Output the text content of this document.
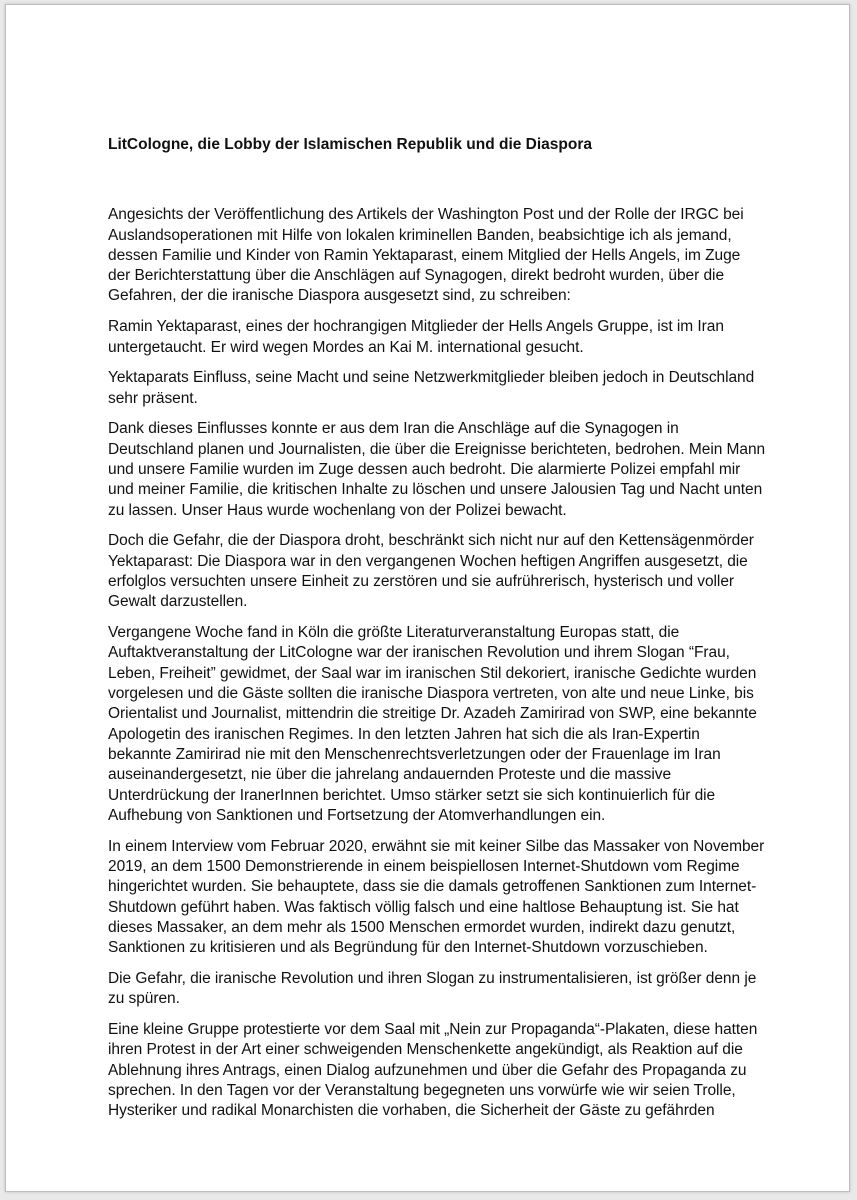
LitCologne, die Lobby der Islamischen Republik und die Diaspora

Angesichts der Veröffentlichung des Artikels der Washington Post und der Rolle der IRGC bei Auslandsoperationen mit Hilfe von lokalen kriminellen Banden, beabsichtige ich als jemand, dessen Familie und Kinder von Ramin Yektaparast, einem Mitglied der Hells Angels, im Zuge der Berichterstattung über die Anschlägen auf Synagogen, direkt bedroht wurden, über die Gefahren, der die iranische Diaspora ausgesetzt sind, zu schreiben:

Ramin Yektaparast, eines der hochrangigen Mitglieder der Hells Angels Gruppe, ist im Iran untergetaucht. Er wird wegen Mordes an Kai M. international gesucht.

Yektaparats Einfluss, seine Macht und seine Netzwerkmitglieder bleiben jedoch in Deutschland sehr präsent.

Dank dieses Einflusses konnte er aus dem Iran die Anschläge auf die Synagogen in Deutschland planen und Journalisten, die über die Ereignisse berichteten, bedrohen. Mein Mann und unsere Familie wurden im Zuge dessen auch bedroht. Die alarmierte Polizei empfahl mir und meiner Familie, die kritischen Inhalte zu löschen und unsere Jalousien Tag und Nacht unten zu lassen. Unser Haus wurde wochenlang von der Polizei bewacht.

Doch die Gefahr, die der Diaspora droht, beschränkt sich nicht nur auf den Kettensägenmörder Yektaparast: Die Diaspora war in den vergangenen Wochen heftigen Angriffen ausgesetzt, die erfolglos versuchten unsere Einheit zu zerstören und sie aufrührerisch, hysterisch und voller Gewalt darzustellen.

Vergangene Woche fand in Köln die größte Literaturveranstaltung Europas statt, die Auftaktveranstaltung der LitCologne war der iranischen Revolution und ihrem Slogan “Frau, Leben, Freiheit” gewidmet, der Saal war im iranischen Stil dekoriert, iranische Gedichte wurden vorgelesen und die Gäste sollten die iranische Diaspora vertreten, von alte und neue Linke, bis Orientalist und Journalist, mittendrin die streitige Dr. Azadeh Zamirirad von SWP, eine bekannte Apologetin des iranischen Regimes. In den letzten Jahren hat sich die als Iran-Expertin bekannte Zamirirad nie mit den Menschenrechtsverletzungen oder der Frauenlage im Iran auseinandergesetzt, nie über die jahrelang andauernden Proteste und die massive Unterdrückung der IranerInnen berichtet. Umso stärker setzt sie sich kontinuierlich für die Aufhebung von Sanktionen und Fortsetzung der Atomverhandlungen ein.

In einem Interview vom Februar 2020, erwähnt sie mit keiner Silbe das Massaker von November 2019, an dem 1500 Demonstrierende in einem beispiellosen Internet-Shutdown vom Regime hingerichtet wurden. Sie behauptete, dass sie die damals getroffenen Sanktionen zum Internet-Shutdown geführt haben. Was faktisch völlig falsch und eine haltlose Behauptung ist. Sie hat dieses Massaker, an dem mehr als 1500 Menschen ermordet wurden, indirekt dazu genutzt, Sanktionen zu kritisieren und als Begründung für den Internet-Shutdown vorzuschieben.

Die Gefahr, die iranische Revolution und ihren Slogan zu instrumentalisieren, ist größer denn je zu spüren.

Eine kleine Gruppe protestierte vor dem Saal mit „Nein zur Propaganda“-Plakaten, diese hatten ihren Protest in der Art einer schweigenden Menschenkette angekündigt, als Reaktion auf die Ablehnung ihres Antrags, einen Dialog aufzunehmen und über die Gefahr des Propaganda zu sprechen. In den Tagen vor der Veranstaltung begegneten uns vorwürfe wie wir seien Trolle, Hysteriker und radikal Monarchisten die vorhaben, die Sicherheit der Gäste zu gefährden
